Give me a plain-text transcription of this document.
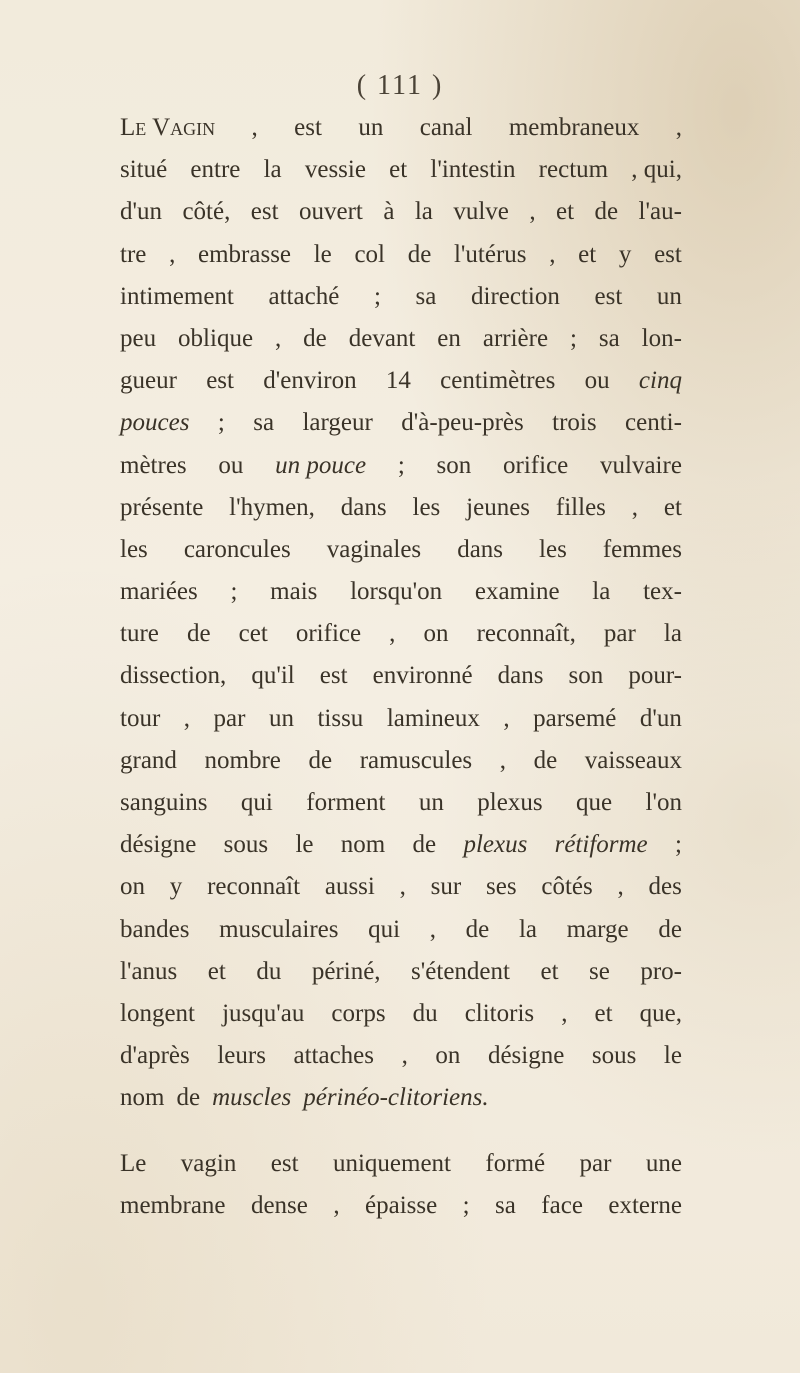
( 111 )
Le Vagin , est un canal membraneux ,
situé entre la vessie et l'intestin rectum , qui,
d'un côté, est ouvert à la vulve , et de l'au-
tre , embrasse le col de l'utérus , et y est
intimement attaché ; sa direction est un
peu oblique , de devant en arrière ; sa lon-
gueur est d'environ 14 centimètres ou cinq
pouces ; sa largeur d'à-peu-près trois centi-
mètres ou un pouce ; son orifice vulvaire
présente l'hymen, dans les jeunes filles , et
les caroncules vaginales dans les femmes
mariées ; mais lorsqu'on examine la tex-
ture de cet orifice , on reconnaît, par la
dissection, qu'il est environné dans son pour-
tour , par un tissu lamineux , parsemé d'un
grand nombre de ramuscules , de vaisseaux
sanguins qui forment un plexus que l'on
désigne sous le nom de plexus rétiforme ;
on y reconnaît aussi , sur ses côtés , des
bandes musculaires qui , de la marge de
l'anus et du périné, s'étendent et se pro-
longent jusqu'au corps du clitoris , et que,
d'après leurs attaches , on désigne sous le
nom de muscles périnéo-clitoriens.
Le vagin est uniquement formé par une
membrane dense , épaisse ; sa face externe
